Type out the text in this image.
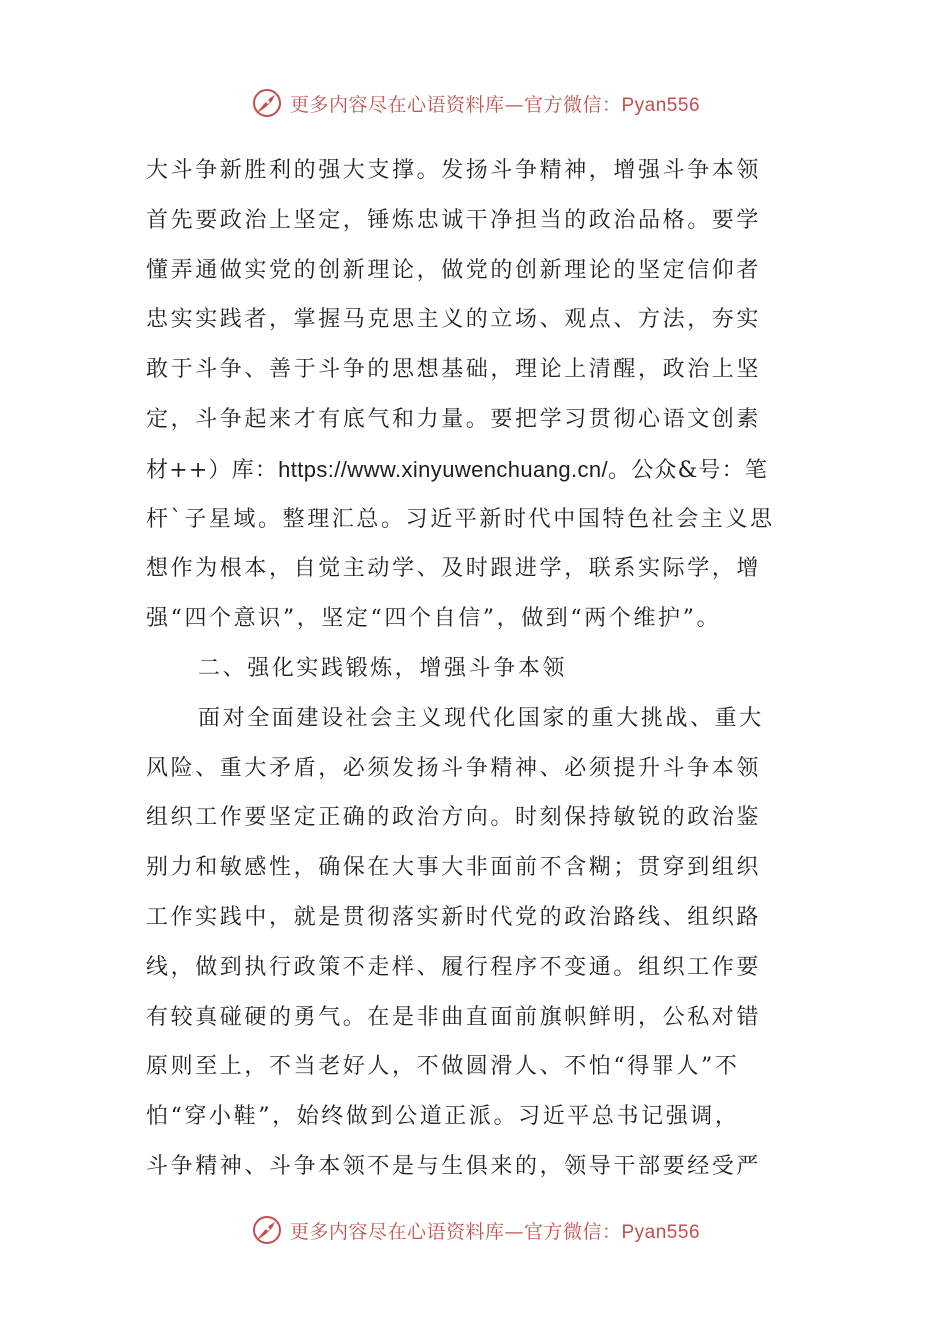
更多内容尽在心语资料库—官方微信：Pyan556
大斗争新胜利的强大支撑。发扬斗争精神，增强斗争本领
首先要政治上坚定，锤炼忠诚干净担当的政治品格。要学
懂弄通做实党的创新理论，做党的创新理论的坚定信仰者
忠实实践者，掌握马克思主义的立场、观点、方法，夯实
敢于斗争、善于斗争的思想基础，理论上清醒，政治上坚
定，斗争起来才有底气和力量。要把学习贯彻心语文创素
材++）库：https://www.xinyuwenchuang.cn/。公众&号：笔
杆`子星域。整理汇总。习近平新时代中国特色社会主义思
想作为根本，自觉主动学、及时跟进学，联系实际学，增
强“四个意识”，坚定“四个自信”，做到“两个维护”。
二、强化实践锻炼，增强斗争本领
面对全面建设社会主义现代化国家的重大挑战、重大
风险、重大矛盾，必须发扬斗争精神、必须提升斗争本领
组织工作要坚定正确的政治方向。时刻保持敏锐的政治鉴
别力和敏感性，确保在大事大非面前不含糊；贯穿到组织
工作实践中，就是贯彻落实新时代党的政治路线、组织路
线，做到执行政策不走样、履行程序不变通。组织工作要
有较真碰硬的勇气。在是非曲直面前旗帜鲜明，公私对错
原则至上，不当老好人，不做圆滑人、不怕“得罪人”不
怕“穿小鞋”，始终做到公道正派。习近平总书记强调，
斗争精神、斗争本领不是与生俱来的，领导干部要经受严
更多内容尽在心语资料库—官方微信：Pyan556
